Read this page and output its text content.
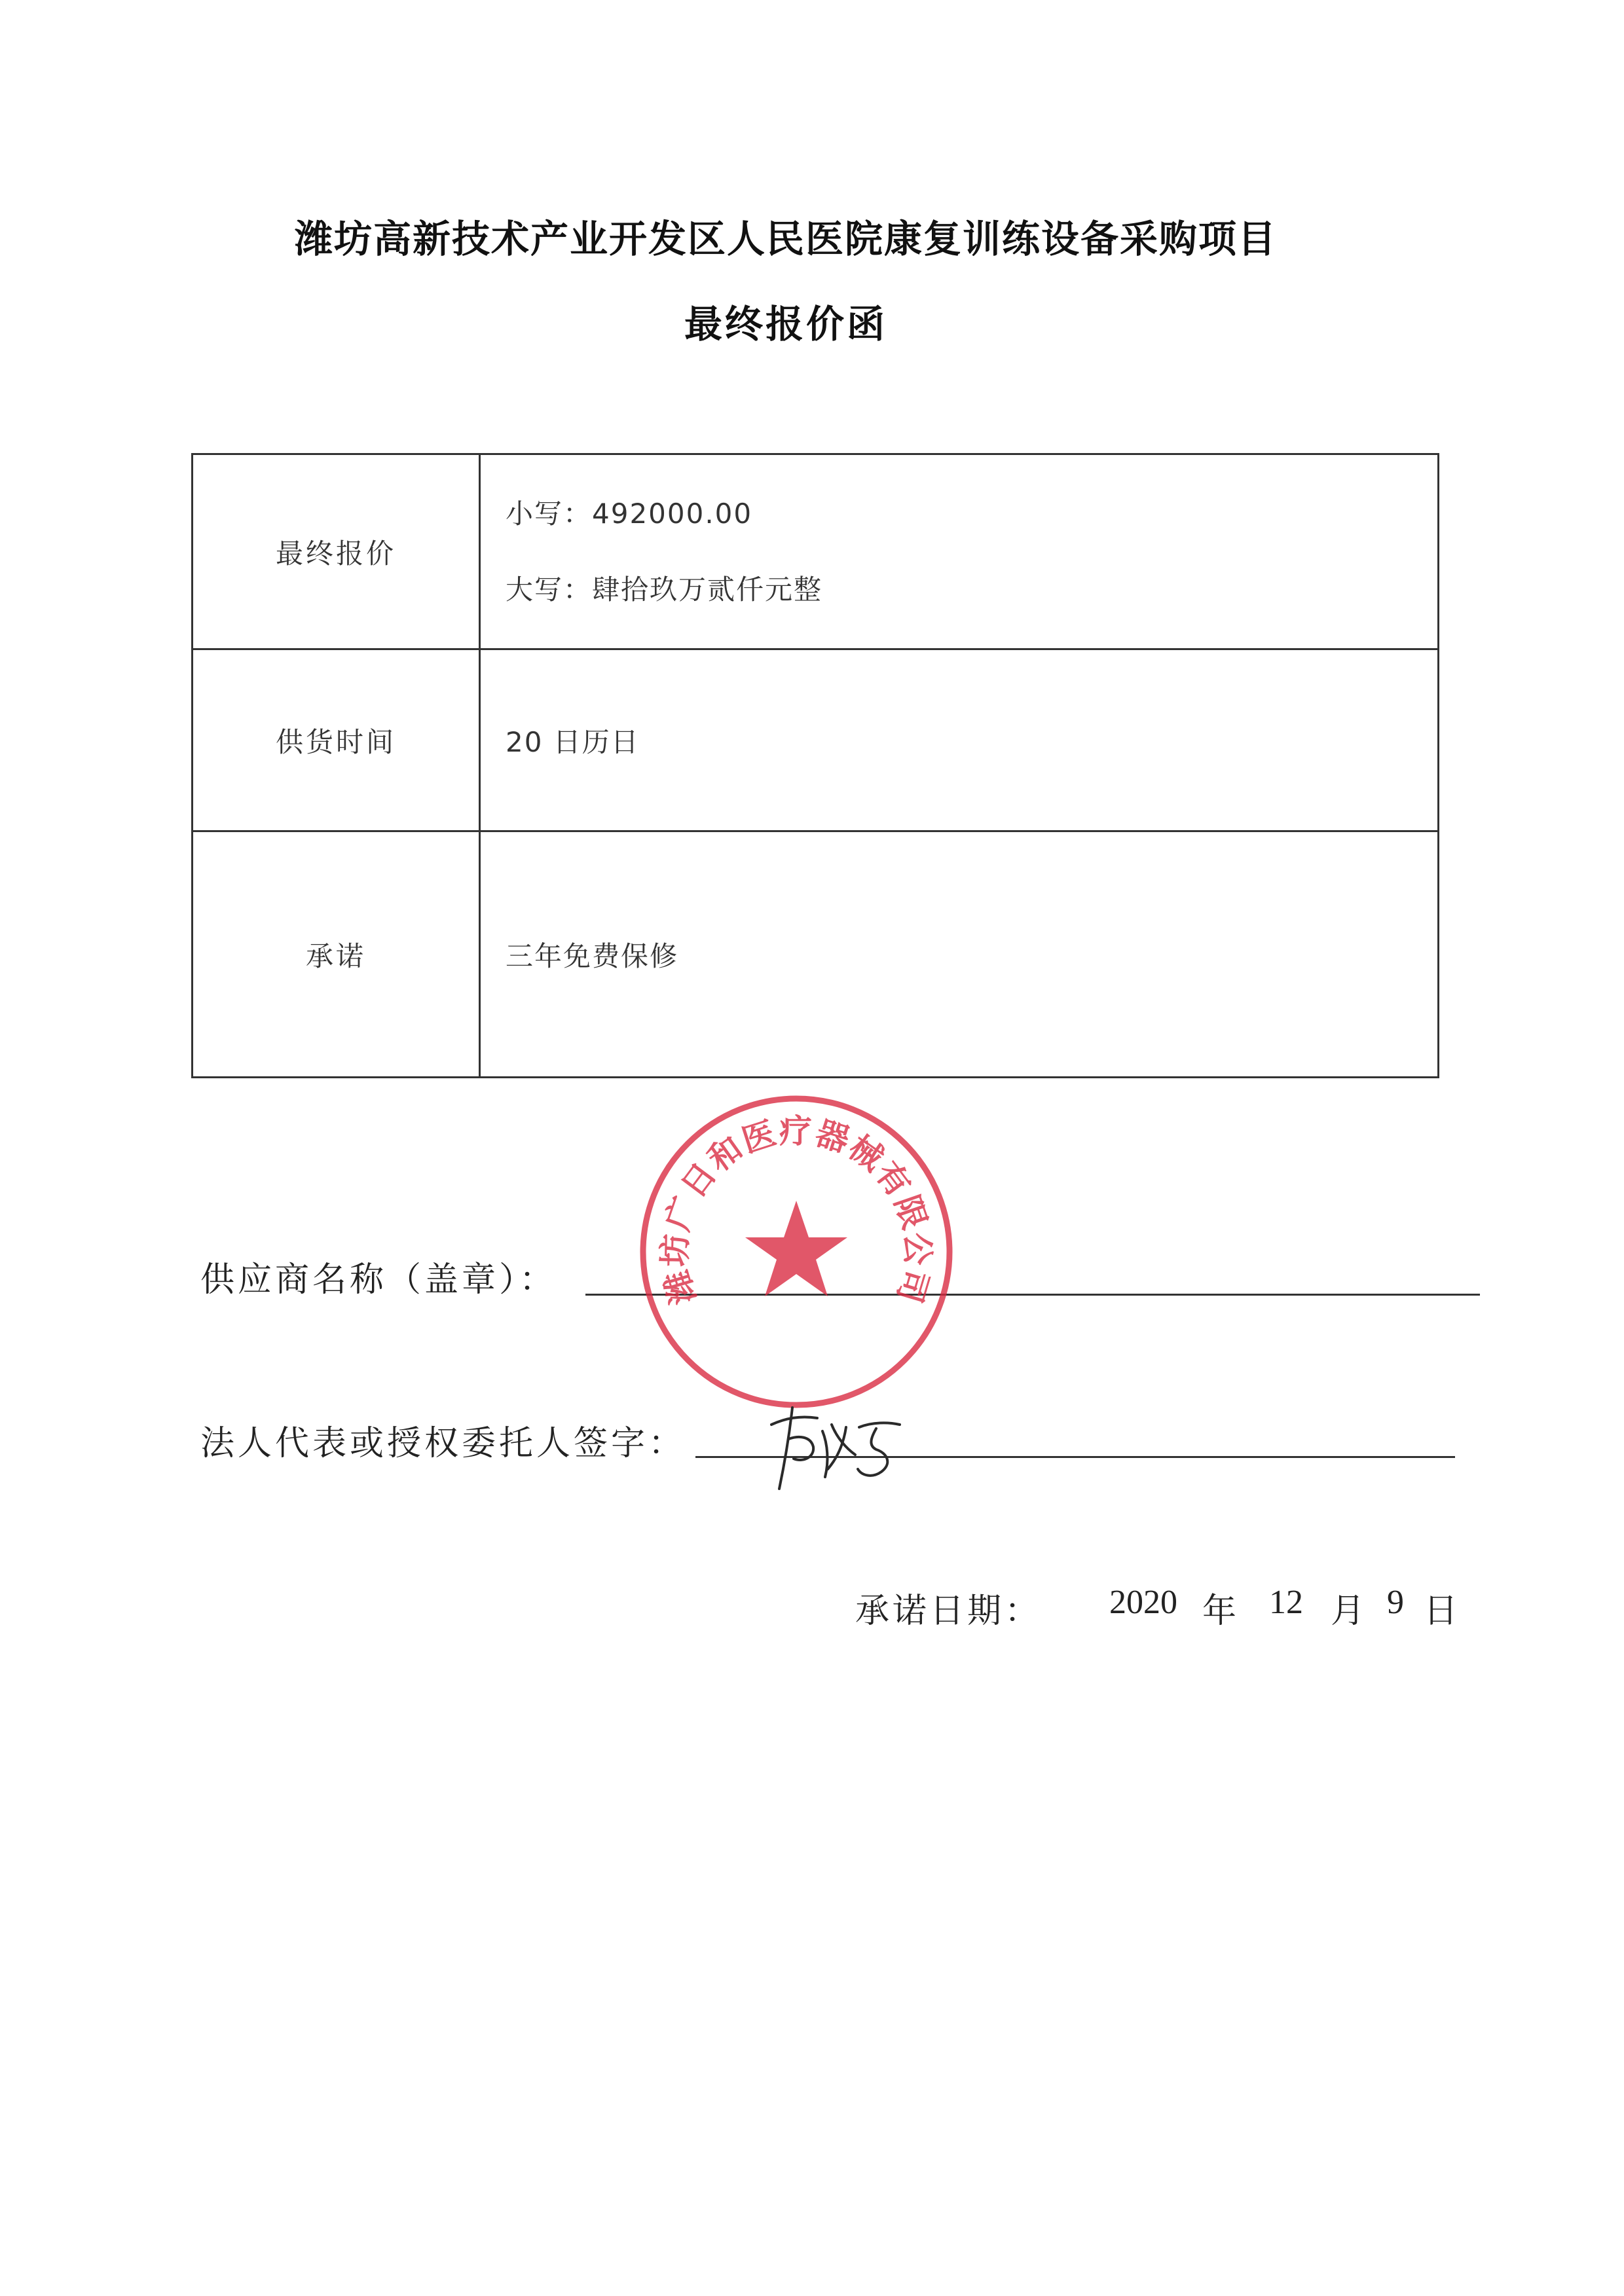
潍坊高新技术产业开发区人民医院康复训练设备采购项目
最终报价函
最终报价	小写：492000.00
大写：肆拾玖万贰仟元整

供货时间	20 日历日
承诺	三年免费保修
供应商名称（盖章）：	潍坊广日和医疗器械有限公司
法人代表或授权委托人签字：
承诺日期： 2020 年 12 月 9 日
